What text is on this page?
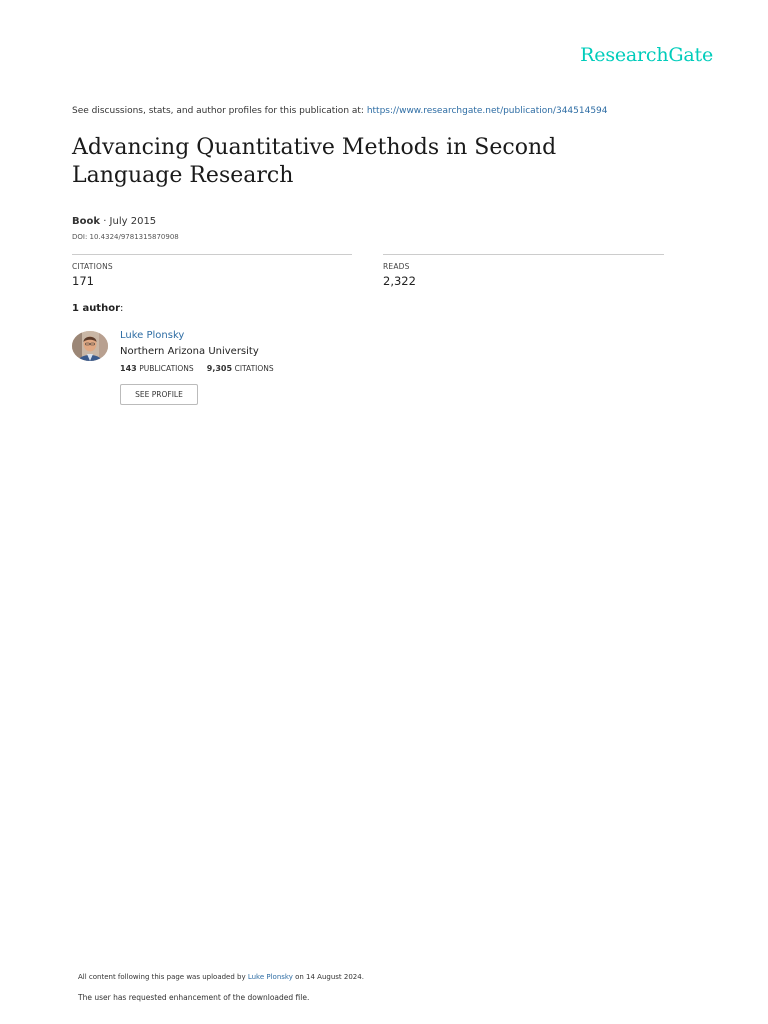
ResearchGate
See discussions, stats, and author profiles for this publication at: https://www.researchgate.net/publication/344514594
Advancing Quantitative Methods in Second Language Research
Book · July 2015
DOI: 10.4324/9781315870908
CITATIONS
171
READS
2,322
1 author:
Luke Plonsky
Northern Arizona University
143 PUBLICATIONS 9,305 CITATIONS
SEE PROFILE
All content following this page was uploaded by Luke Plonsky on 14 August 2024.
The user has requested enhancement of the downloaded file.
